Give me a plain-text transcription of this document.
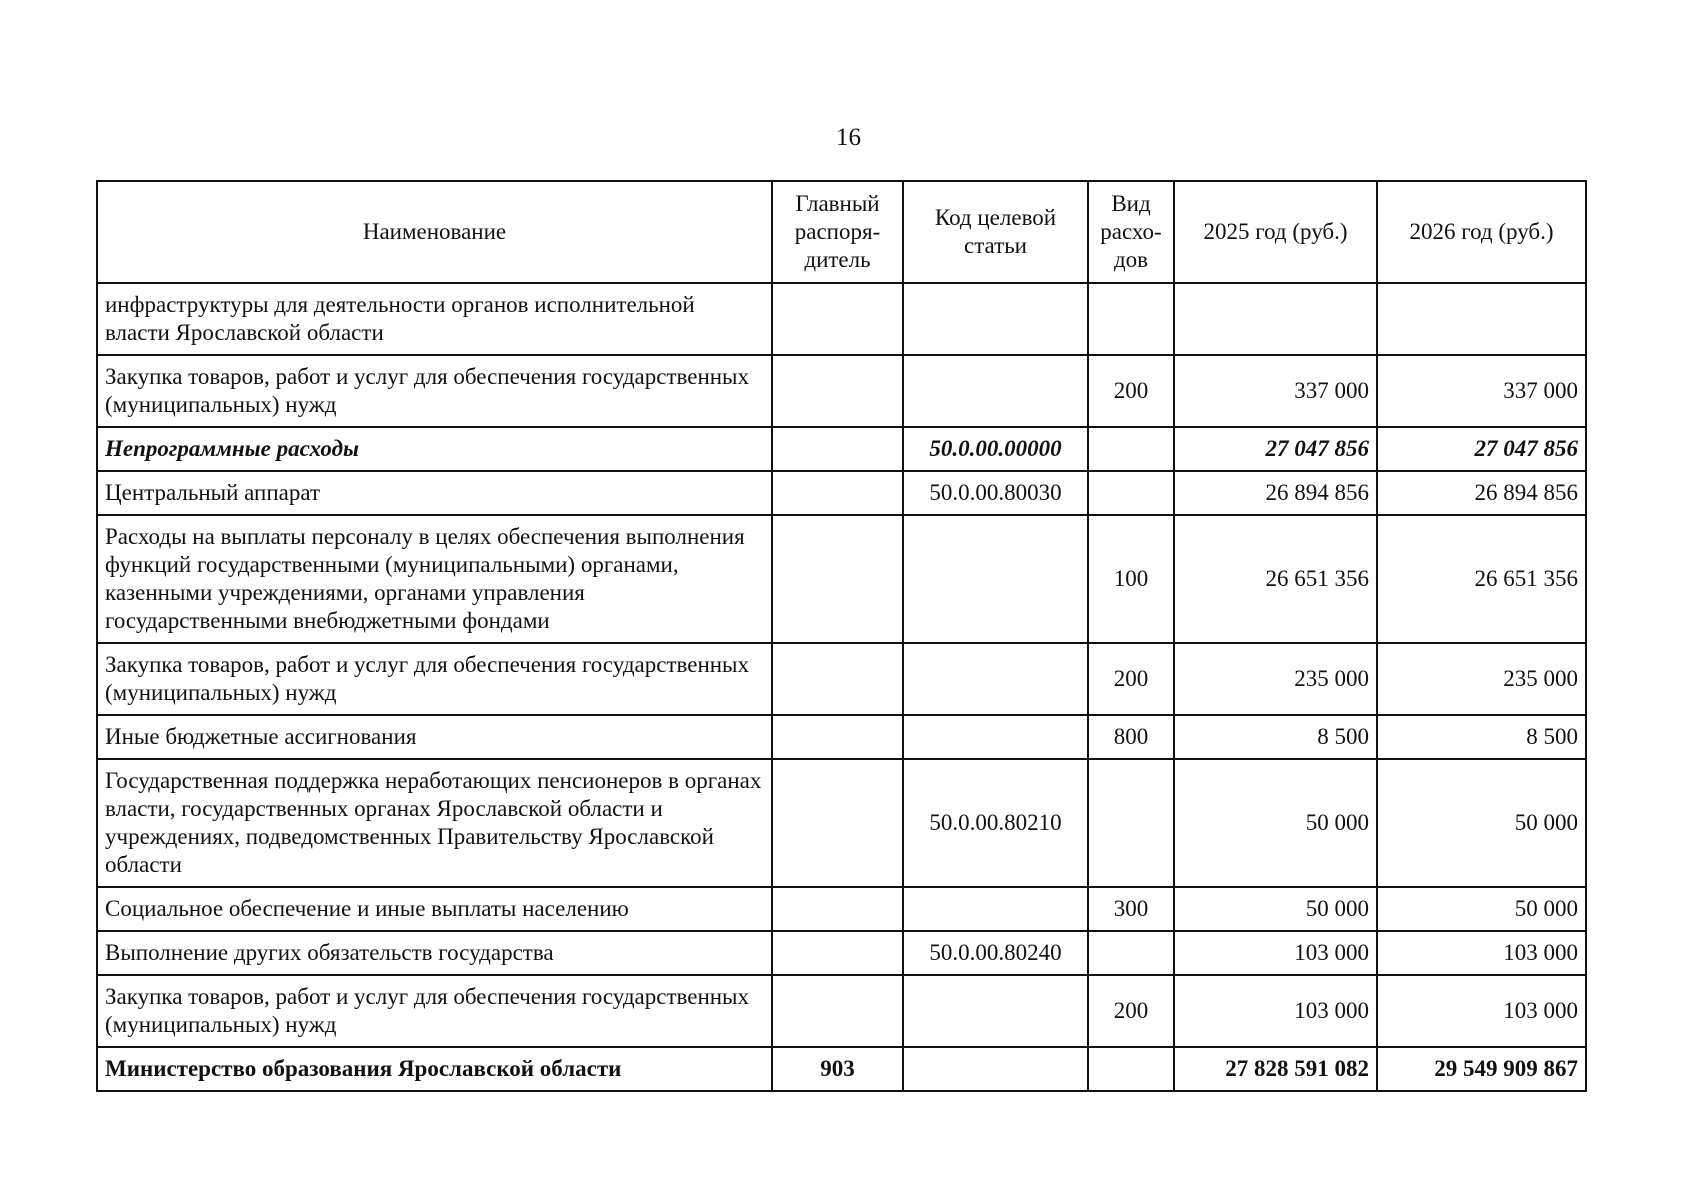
16
Наименование	Главный распоря-дитель	Код целевой статьи	Вид расхо-дов	2025 год (руб.)	2026 год (руб.)
инфраструктуры для деятельности органов исполнительной власти Ярославской области					
Закупка товаров, работ и услуг для обеспечения государственных (муниципальных) нужд			200	337 000	337 000
Непрограммные расходы		50.0.00.00000		27 047 856	27 047 856
Центральный аппарат		50.0.00.80030		26 894 856	26 894 856
Расходы на выплаты персоналу в целях обеспечения выполнения функций государственными (муниципальными) органами, казенными учреждениями, органами управления государственными внебюджетными фондами			100	26 651 356	26 651 356
Закупка товаров, работ и услуг для обеспечения государственных (муниципальных) нужд			200	235 000	235 000
Иные бюджетные ассигнования			800	8 500	8 500
Государственная поддержка неработающих пенсионеров в органах власти, государственных органах Ярославской области и учреждениях, подведомственных Правительству Ярославской области		50.0.00.80210		50 000	50 000
Социальное обеспечение и иные выплаты населению			300	50 000	50 000
Выполнение других обязательств государства		50.0.00.80240		103 000	103 000
Закупка товаров, работ и услуг для обеспечения государственных (муниципальных) нужд			200	103 000	103 000
Министерство образования Ярославской области	903			27 828 591 082	29 549 909 867
